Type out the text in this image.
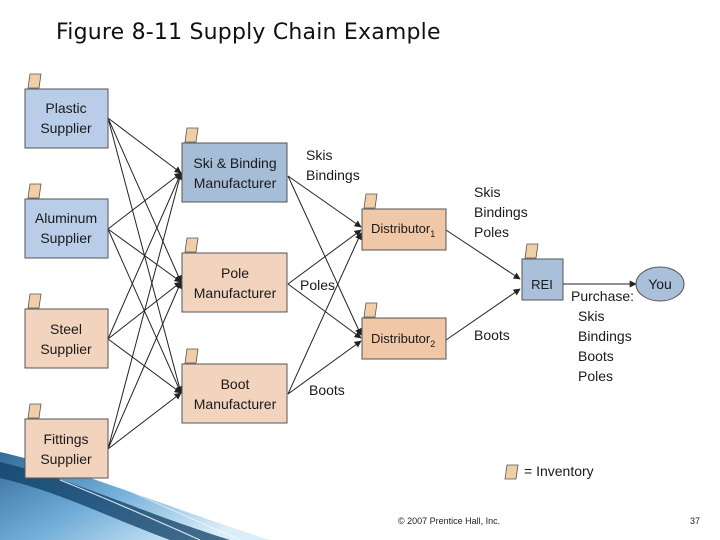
Figure 8-11 Supply Chain Example
Plastic
Supplier
Aluminum
Supplier
Steel
Supplier
Fittings
Supplier
Ski & Binding
Manufacturer
Pole
Manufacturer
Boot
Manufacturer
Skis
Bindings
Poles
Boots
Distributor$_1$
Distributor$_2$
Skis
Bindings
Poles
Boots
REI	You
Purchase:
Skis
Bindings
Boots
Poles
= Inventory
© 2007 Prentice Hall, Inc.	37
